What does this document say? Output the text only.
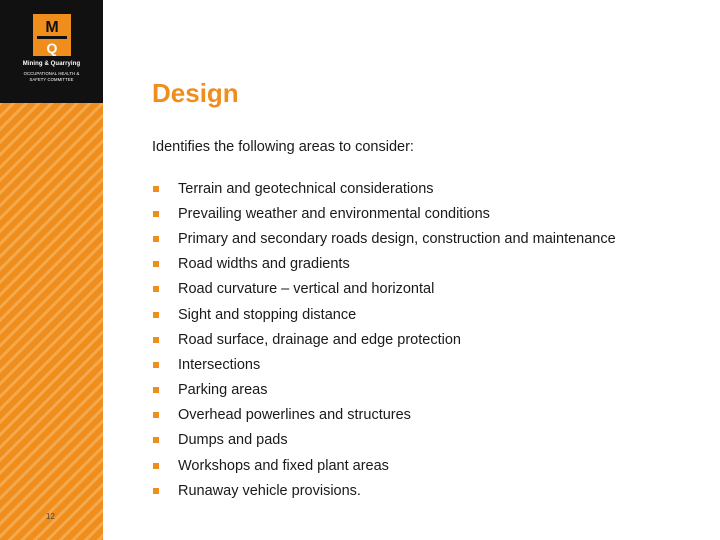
M
Q
Mining & Quarrying
OCCUPATIONAL HEALTH &
SAFETY COMMITTEE
12
Design
Identifies the following areas to consider:
Terrain and geotechnical considerations
Prevailing weather and environmental conditions
Primary and secondary roads design, construction and maintenance
Road widths and gradients
Road curvature – vertical and horizontal
Sight and stopping distance
Road surface, drainage and edge protection
Intersections
Parking areas
Overhead powerlines and structures
Dumps and pads
Workshops and fixed plant areas
Runaway vehicle provisions.
